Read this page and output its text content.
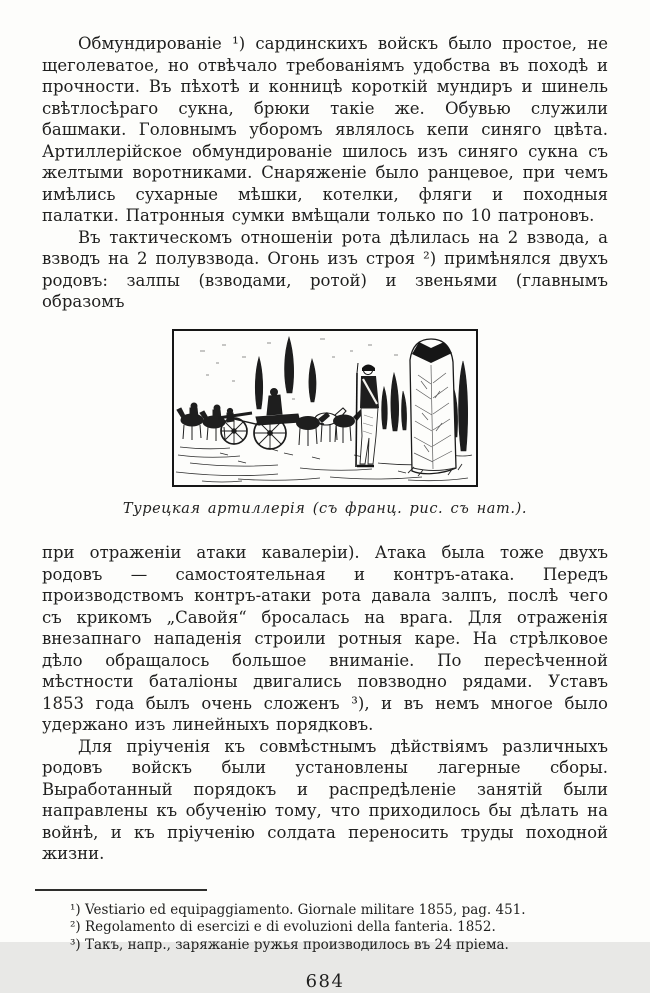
Обмундированіе ¹) сардинскихъ войскъ было простое, не щеголеватое, но отвѣчало требованіямъ удобства въ походѣ и прочности. Въ пѣхотѣ и конницѣ короткій мундиръ и шинель свѣтлосѣраго сукна, брюки такіе же. Обувью служили башмаки. Головнымъ уборомъ являлось кепи синяго цвѣта. Артиллерійское обмундированіе шилось изъ синяго сукна съ желтыми воротниками. Снаряженіе было ранцевое, при чемъ имѣлись сухарные мѣшки, котелки, фляги и походныя палатки. Патронныя сумки вмѣщали только по 10 патроновъ.

Въ тактическомъ отношеніи рота дѣлилась на 2 взвода, а взводъ на 2 полувзвода. Огонь изъ строя ²) примѣнялся двухъ родовъ: залпы (взводами, ротой) и звеньями (главнымъ образомъ

Турецкая артиллерія (съ франц. рис. съ нат.).

при отраженіи атаки кавалеріи). Атака была тоже двухъ родовъ — самостоятельная и контръ-атака. Передъ производствомъ контръ-атаки рота давала залпъ, послѣ чего съ крикомъ „Савойя“ бросалась на врага. Для отраженія внезапнаго нападенія строили ротныя каре. На стрѣлковое дѣло обращалось большое вниманіе. По пересѣченной мѣстности баталіоны двигались повзводно рядами. Уставъ 1853 года былъ очень сложенъ ³), и въ немъ многое было удержано изъ линейныхъ порядковъ.

Для пріученія къ совмѣстнымъ дѣйствіямъ различныхъ родовъ войскъ были установлены лагерные сборы. Выработанный порядокъ и распредѣленіе занятій были направлены къ обученію тому, что приходилось бы дѣлать на войнѣ, и къ пріученію солдата переносить труды походной жизни.

¹) Vestiario ed equipaggiamento. Giornale militare 1855, pag. 451.
²) Regolamento di esercizi e di evoluzioni della fanteria. 1852.
³) Такъ, напр., заряжаніе ружья производилось въ 24 пріема.
684
